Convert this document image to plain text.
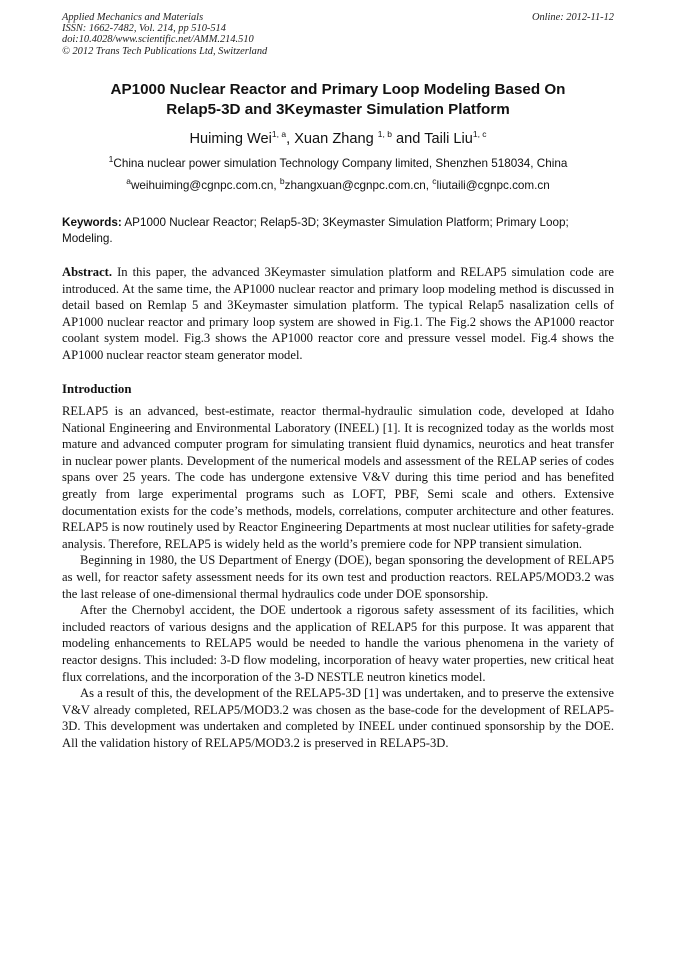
Applied Mechanics and Materials	Online: 2012-11-12
ISSN: 1662-7482, Vol. 214, pp 510-514
doi:10.4028/www.scientific.net/AMM.214.510
© 2012 Trans Tech Publications Ltd, Switzerland
AP1000 Nuclear Reactor and Primary Loop Modeling Based On
Relap5-3D and 3Keymaster Simulation Platform
Huiming Wei$^{1, a}$, Xuan Zhang $^{1, b}$ and Taili Liu$^{1, c}$
$^1$China nuclear power simulation Technology Company limited, Shenzhen 518034, China
$^a$weihuiming@cgnpc.com.cn, $^b$zhangxuan@cgnpc.com.cn, $^c$liutaili@cgnpc.com.cn
Keywords: AP1000 Nuclear Reactor; Relap5-3D; 3Keymaster Simulation Platform; Primary Loop; Modeling.
Abstract. In this paper, the advanced 3Keymaster simulation platform and RELAP5 simulation code are introduced. At the same time, the AP1000 nuclear reactor and primary loop modeling method is discussed in detail based on Remlap 5 and 3Keymaster simulation platform. The typical Relap5 nasalization cells of AP1000 nuclear reactor and primary loop system are showed in Fig.1. The Fig.2 shows the AP1000 reactor coolant system model. Fig.3 shows the AP1000 reactor core and pressure vessel model. Fig.4 shows the AP1000 nuclear reactor steam generator model.
Introduction

RELAP5 is an advanced, best-estimate, reactor thermal-hydraulic simulation code, developed at Idaho National Engineering and Environmental Laboratory (INEEL) [1]. It is recognized today as the worlds most mature and advanced computer program for simulating transient fluid dynamics, neurotics and heat transfer in nuclear power plants. Development of the numerical models and assessment of the RELAP series of codes spans over 25 years. The code has undergone extensive V&V during this time period and has benefited greatly from large experimental programs such as LOFT, PBF, Semi scale and others. Extensive documentation exists for the code’s methods, models, correlations, computer architecture and other features. RELAP5 is now routinely used by Reactor Engineering Departments at most nuclear utilities for safety-grade analysis. Therefore, RELAP5 is widely held as the world’s premiere code for NPP transient simulation.

Beginning in 1980, the US Department of Energy (DOE), began sponsoring the development of RELAP5 as well, for reactor safety assessment needs for its own test and production reactors. RELAP5/MOD3.2 was the last release of one-dimensional thermal hydraulics code under DOE sponsorship.

After the Chernobyl accident, the DOE undertook a rigorous safety assessment of its facilities, which included reactors of various designs and the application of RELAP5 for this purpose. It was apparent that modeling enhancements to RELAP5 would be needed to handle the various phenomena in the variety of reactor designs. This included: 3-D flow modeling, incorporation of heavy water properties, new critical heat flux correlations, and the incorporation of the 3-D NESTLE neutron kinetics model.

As a result of this, the development of the RELAP5-3D [1] was undertaken, and to preserve the extensive V&V already completed, RELAP5/MOD3.2 was chosen as the base-code for the development of RELAP5-3D. This development was undertaken and completed by INEEL under continued sponsorship by the DOE. All the validation history of RELAP5/MOD3.2 is preserved in RELAP5-3D.
